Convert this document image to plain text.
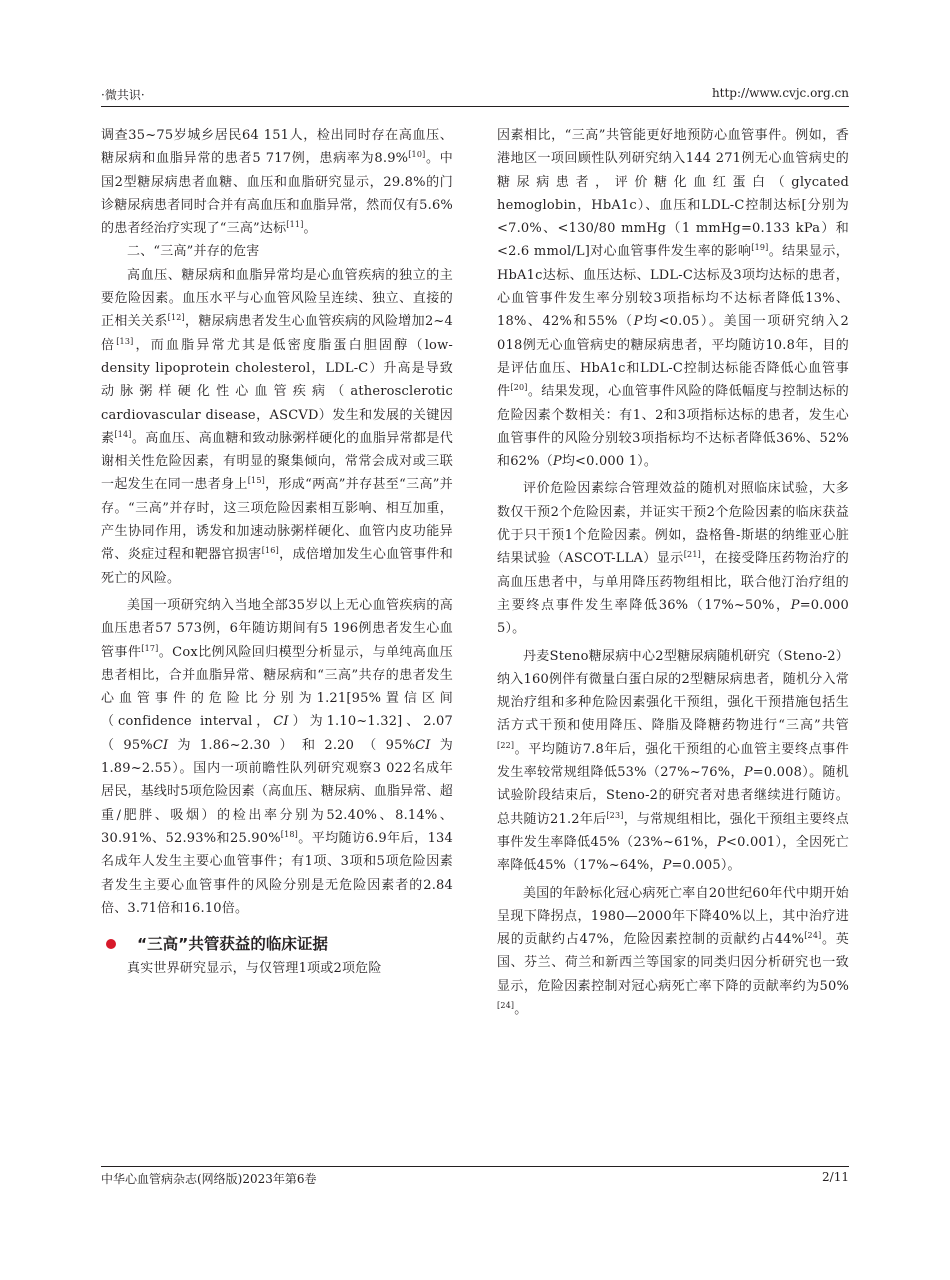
·微共识·	http://www.cvjc.org.cn

调查35~75岁城乡居民64 151人，检出同时存在高血压、糖尿病和血脂异常的患者5 717例，患病率为8.9%[10]。中国2型糖尿病患者血糖、血压和血脂研究显示，29.8%的门诊糖尿病患者同时合并有高血压和血脂异常，然而仅有5.6%的患者经治疗实现了“三高”达标[11]。

二、“三高”并存的危害

高血压、糖尿病和血脂异常均是心血管疾病的独立的主要危险因素。血压水平与心血管风险呈连续、独立、直接的正相关关系[12]，糖尿病患者发生心血管疾病的风险增加2~4倍[13]，而血脂异常尤其是低密度脂蛋白胆固醇（low-density lipoprotein cholesterol，LDL-C）升高是导致动脉粥样硬化性心血管疾病（atherosclerotic cardiovascular disease，ASCVD）发生和发展的关键因素[14]。高血压、高血糖和致动脉粥样硬化的血脂异常都是代谢相关性危险因素，有明显的聚集倾向，常常会成对或三联一起发生在同一患者身上[15]，形成“两高”并存甚至“三高”并存。“三高”并存时，这三项危险因素相互影响、相互加重，产生协同作用，诱发和加速动脉粥样硬化、血管内皮功能异常、炎症过程和靶器官损害[16]，成倍增加发生心血管事件和死亡的风险。

美国一项研究纳入当地全部35岁以上无心血管疾病的高血压患者57 573例，6年随访期间有5 196例患者发生心血管事件[17]。Cox比例风险回归模型分析显示，与单纯高血压患者相比，合并血脂异常、糖尿病和“三高”共存的患者发生心血管事件的危险比分别为1.21[95%置信区间（confidence interval，CI）为1.10~1.32]、2.07（95%CI为1.86~2.30）和2.20（95%CI为1.89~2.55）。国内一项前瞻性队列研究观察3 022名成年居民，基线时5项危险因素（高血压、糖尿病、血脂异常、超重/肥胖、吸烟）的检出率分别为52.40%、8.14%、30.91%、52.93%和25.90%[18]。平均随访6.9年后，134名成年人发生主要心血管事件；有1项、3项和5项危险因素者发生主要心血管事件的风险分别是无危险因素者的2.84倍、3.71倍和16.10倍。

“三高”共管获益的临床证据

真实世界研究显示，与仅管理1项或2项危险

因素相比，“三高”共管能更好地预防心血管事件。例如，香港地区一项回顾性队列研究纳入144 271例无心血管病史的糖尿病患者，评价糖化血红蛋白（glycated hemoglobin，HbA1c）、血压和LDL-C控制达标[分别为<7.0%、<130/80 mmHg（1 mmHg=0.133 kPa）和<2.6 mmol/L]对心血管事件发生率的影响[19]。结果显示，HbA1c达标、血压达标、LDL-C达标及3项均达标的患者，心血管事件发生率分别较3项指标均不达标者降低13%、18%、42%和55%（P均<0.05）。美国一项研究纳入2 018例无心血管病史的糖尿病患者，平均随访10.8年，目的是评估血压、HbA1c和LDL-C控制达标能否降低心血管事件[20]。结果发现，心血管事件风险的降低幅度与控制达标的危险因素个数相关：有1、2和3项指标达标的患者，发生心血管事件的风险分别较3项指标均不达标者降低36%、52%和62%（P均<0.000 1）。

评价危险因素综合管理效益的随机对照临床试验，大多数仅干预2个危险因素，并证实干预2个危险因素的临床获益优于只干预1个危险因素。例如，盎格鲁-斯堪的纳维亚心脏结果试验（ASCOT-LLA）显示[21]，在接受降压药物治疗的高血压患者中，与单用降压药物组相比，联合他汀治疗组的主要终点事件发生率降低36%（17%~50%，P=0.000 5）。

丹麦Steno糖尿病中心2型糖尿病随机研究（Steno-2）纳入160例伴有微量白蛋白尿的2型糖尿病患者，随机分入常规治疗组和多种危险因素强化干预组，强化干预措施包括生活方式干预和使用降压、降脂及降糖药物进行“三高”共管[22]。平均随访7.8年后，强化干预组的心血管主要终点事件发生率较常规组降低53%（27%~76%，P=0.008）。随机试验阶段结束后，Steno-2的研究者对患者继续进行随访。总共随访21.2年后[23]，与常规组相比，强化干预组主要终点事件发生率降低45%（23%~61%，P<0.001），全因死亡率降低45%（17%~64%，P=0.005）。

美国的年龄标化冠心病死亡率自20世纪60年代中期开始呈现下降拐点，1980—2000年下降40%以上，其中治疗进展的贡献约占47%，危险因素控制的贡献约占44%[24]。英国、芬兰、荷兰和新西兰等国家的同类归因分析研究也一致显示，危险因素控制对冠心病死亡率下降的贡献率约为50%[24]。

中华心血管病杂志(网络版)2023年第6卷	2/11
